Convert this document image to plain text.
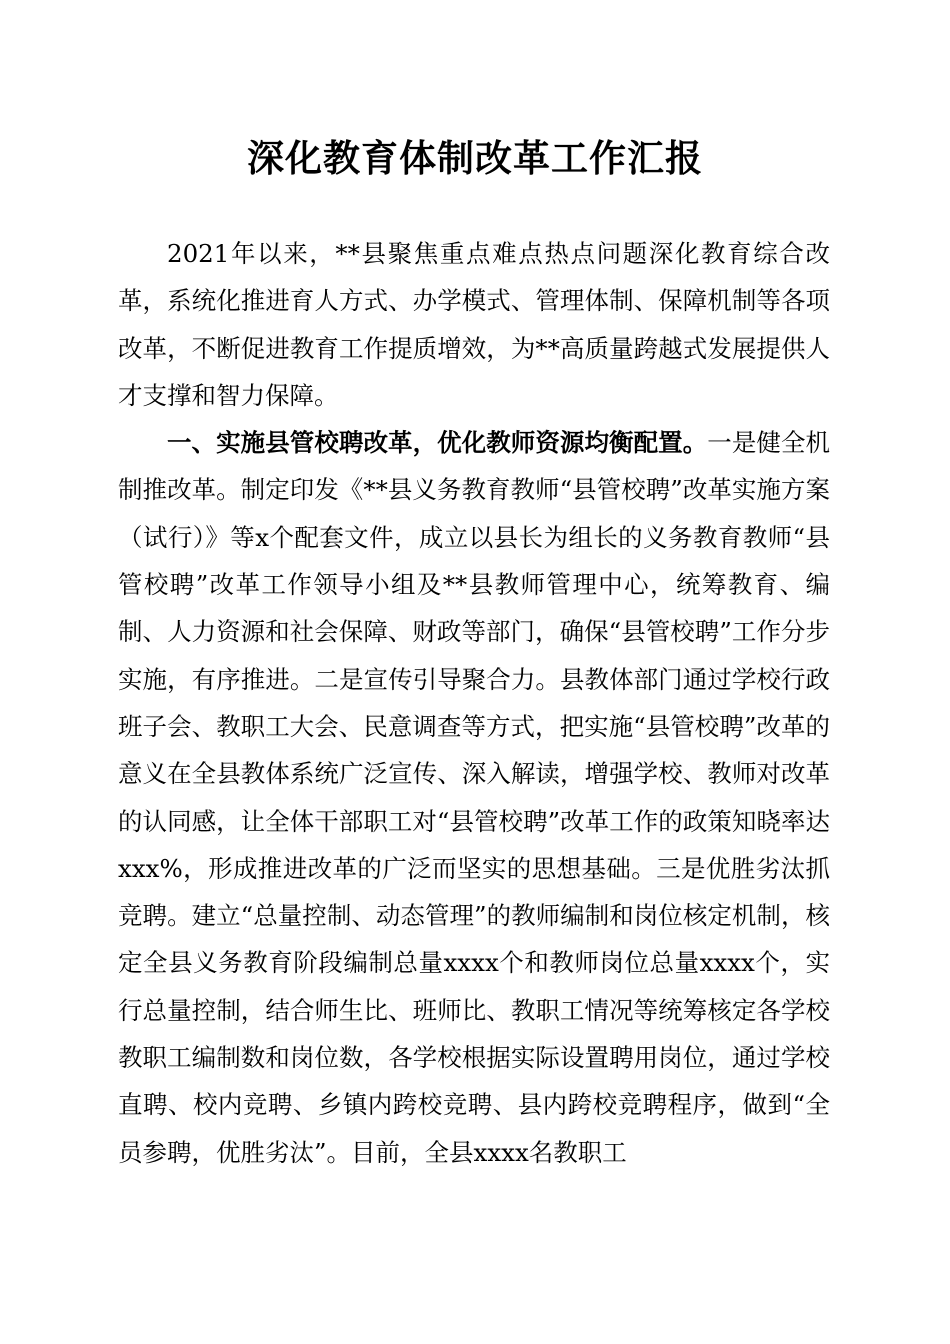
深化教育体制改革工作汇报

2021年以来，**县聚焦重点难点热点问题深化教育综合改革，系统化推进育人方式、办学模式、管理体制、保障机制等各项改革，不断促进教育工作提质增效，为**高质量跨越式发展提供人才支撑和智力保障。

一、实施县管校聘改革，优化教师资源均衡配置。一是健全机制推改革。制定印发《**县义务教育教师“县管校聘”改革实施方案（试行）》等x个配套文件，成立以县长为组长的义务教育教师“县管校聘”改革工作领导小组及**县教师管理中心，统筹教育、编制、人力资源和社会保障、财政等部门，确保“县管校聘”工作分步实施，有序推进。二是宣传引导聚合力。县教体部门通过学校行政班子会、教职工大会、民意调查等方式，把实施“县管校聘”改革的意义在全县教体系统广泛宣传、深入解读，增强学校、教师对改革的认同感，让全体干部职工对“县管校聘”改革工作的政策知晓率达xxx%，形成推进改革的广泛而坚实的思想基础。三是优胜劣汰抓竞聘。建立“总量控制、动态管理”的教师编制和岗位核定机制，核定全县义务教育阶段编制总量xxxx个和教师岗位总量xxxx个，实行总量控制，结合师生比、班师比、教职工情况等统筹核定各学校教职工编制数和岗位数，各学校根据实际设置聘用岗位，通过学校直聘、校内竞聘、乡镇内跨校竞聘、县内跨校竞聘程序，做到“全员参聘，优胜劣汰”。目前，全县xxxx名教职工
